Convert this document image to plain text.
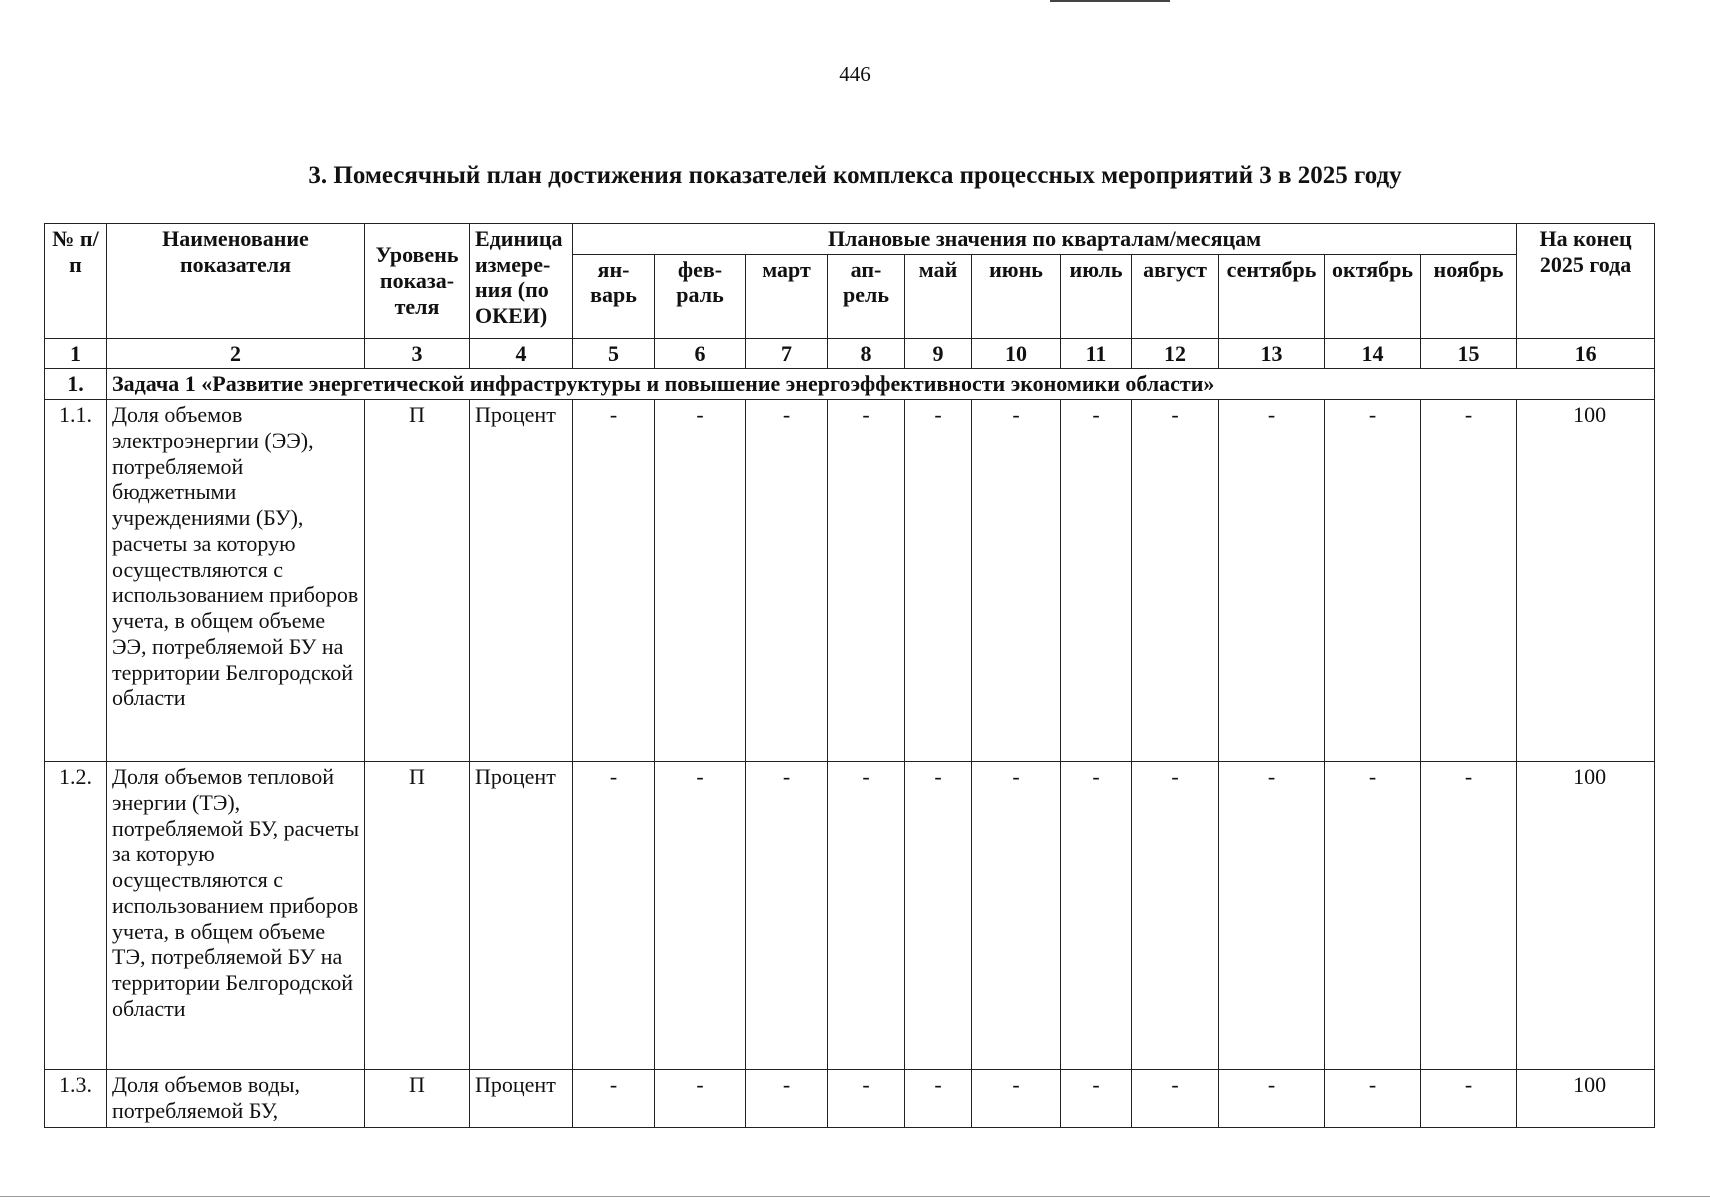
446
3. Помесячный план достижения показателей комплекса процессных мероприятий 3 в 2025 году
№ п/п	Наименование показателя	Уровень показа-теля	Единица измере-ния (по ОКЕИ)	Плановые значения по кварталам/месяцам											На конец 2025 года
				ян-варь	фев-раль	март	ап-рель	май	июнь	июль	август	сентябрь	октябрь	ноябрь	
1	2	3	4	5	6	7	8	9	10	11	12	13	14	15	16
1.	Задача 1 «Развитие энергетической инфраструктуры и повышение энергоэффективности экономики области»														
1.1.	Доля объемов электроэнергии (ЭЭ), потребляемой бюджетными учреждениями (БУ), расчеты за которую осуществляются с использованием приборов учета, в общем объеме ЭЭ, потребляемой БУ на территории Белгородской области	П	Процент	-	-	-	-	-	-	-	-	-	-	-	100
1.2.	Доля объемов тепловой энергии (ТЭ), потребляемой БУ, расчеты за которую осуществляются с использованием приборов учета, в общем объеме ТЭ, потребляемой БУ на территории Белгородской области	П	Процент	-	-	-	-	-	-	-	-	-	-	-	100
1.3.	Доля объемов воды, потребляемой БУ,	П	Процент	-	-	-	-	-	-	-	-	-	-	-	100
